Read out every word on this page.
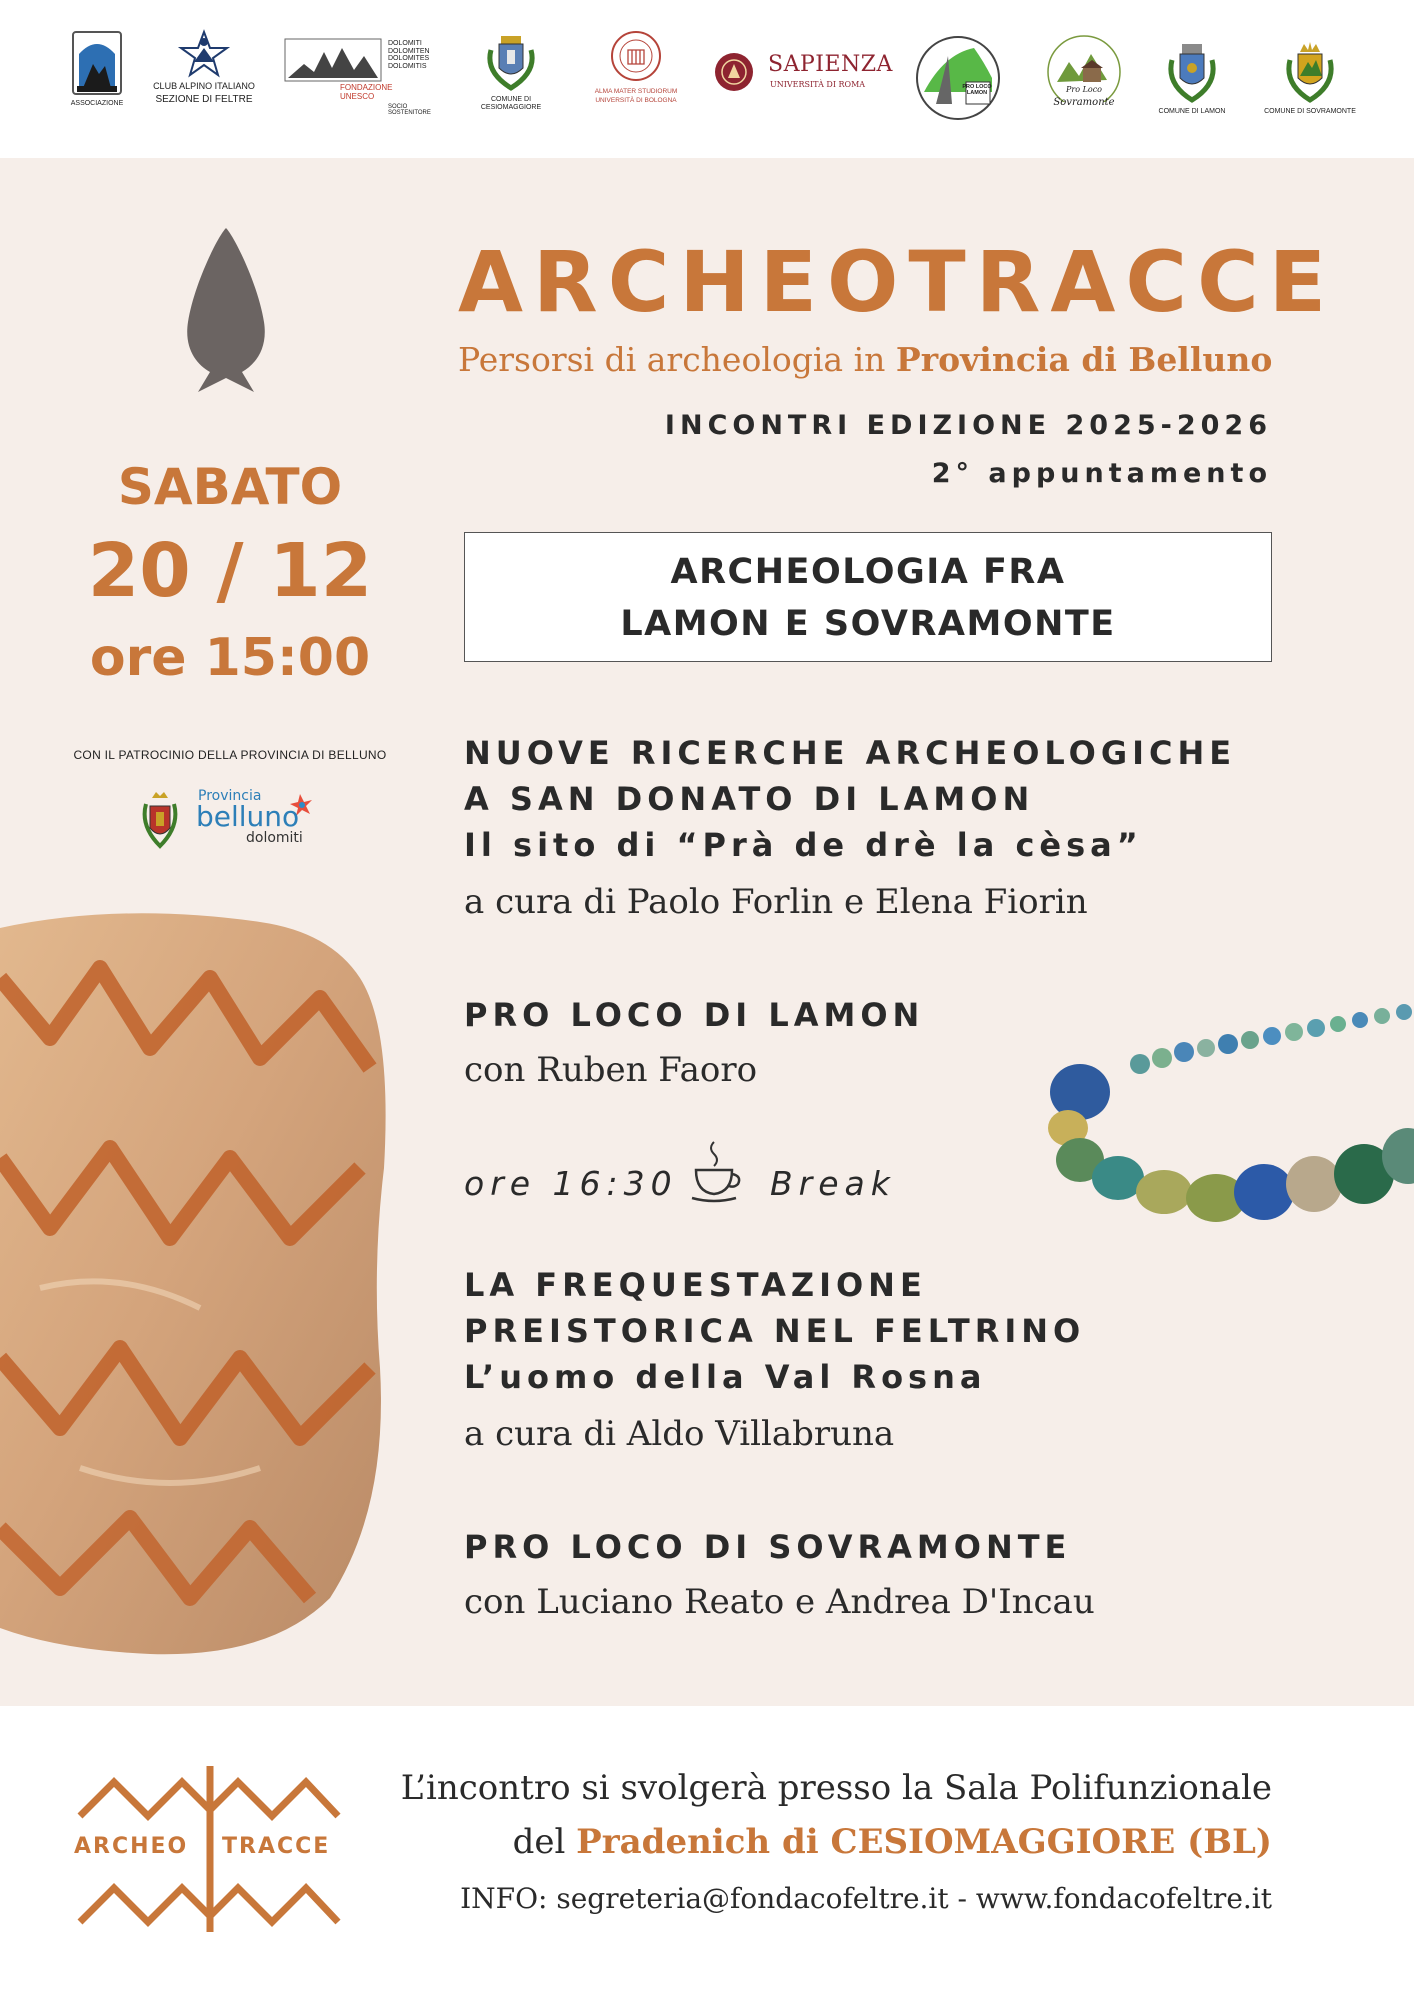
ASSOCIAZIONE
CLUB ALPINO ITALIANO
SEZIONE DI FELTRE
DOLOMITI DOLOMITEN DOLOMITES DOLOMITIS
FONDAZIONE UNESCO
SOCIO SOSTENITORE
COMUNE DI CESIOMAGGIORE
ALMA MATER STUDIORUM
UNIVERSITÀ DI BOLOGNA
SAPIENZA
UNIVERSITÀ DI ROMA	PRO LOCO LAMON	Pro Loco
Sovramonte
COMUNE DI LAMON	COMUNE DI SOVRAMONTE
ARCHEOTRACCE
Persorsi di archeologia in Provincia di Belluno
INCONTRI EDIZIONE 2025-2026
2° appuntamento
SABATO
20 / 12
ore 15:00
CON IL PATROCINIO DELLA PROVINCIA DI BELLUNO
Provincia
belluno
dolomiti
ARCHEOLOGIA FRA
LAMON E SOVRAMONTE
NUOVE RICERCHE ARCHEOLOGICHE
A SAN DONATO DI LAMON
Il sito di “Prà de drè la cèsa”
a cura di Paolo Forlin e Elena Fiorin
PRO LOCO DI LAMON
con Ruben Faoro
ore 16:30	Break
LA FREQUESTAZIONE
PREISTORICA NEL FELTRINO
L’uomo della Val Rosna
a cura di Aldo Villabruna
PRO LOCO DI SOVRAMONTE
con Luciano Reato e Andrea D'Incau
ARCHEO TRACCE
L’incontro si svolgerà presso la Sala Polifunzionale
del Pradenich di CESIOMAGGIORE (BL)
INFO: segreteria@fondacofeltre.it - www.fondacofeltre.it
